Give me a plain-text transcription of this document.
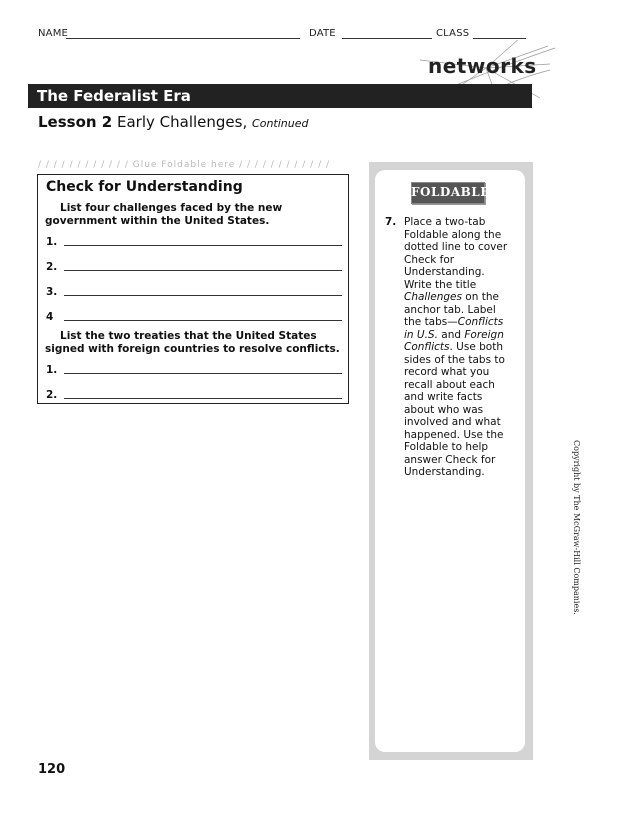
NAME	DATE	CLASS
networks
The Federalist Era
Lesson 2 Early Challenges, Continued
/ / / / / / / / / / / / Glue Foldable here / / / / / / / / / / / /
Check for Understanding
List four challenges faced by the new
government within the United States.
1.
2.
3.
4
List the two treaties that the United States
signed with foreign countries to resolve conflicts.
1.
2.
FOLDABLES
7. Place a two-tab

Foldable along the

dotted line to cover

Check for

Understanding.

Write the title

Challenges on the

anchor tab. Label

the tabs—Conflicts

in U.S. and Foreign

Conflicts. Use both

sides of the tabs to

record what you

recall about each

and write facts

about who was

involved and what

happened. Use the

Foldable to help

answer Check for

Understanding.	Copyright by The McGraw-Hill Companies.
120
